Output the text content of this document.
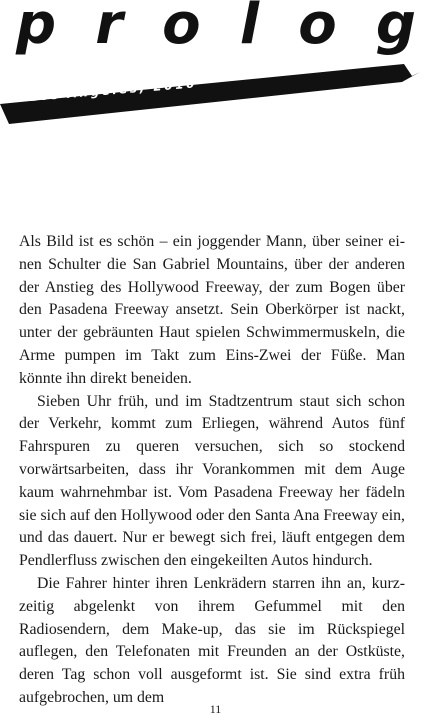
p r o l o g
Los Angeles, 2010

Als Bild ist es schön – ein joggender Mann, über seiner einen Schulter die San Gabriel Mountains, über der anderen der Anstieg des Hollywood Freeway, der zum Bogen über den Pasadena Freeway ansetzt. Sein Oberkörper ist nackt, unter der gebräunten Haut spielen Schwimmermuskeln, die Arme pumpen im Takt zum Eins-Zwei der Füße. Man könnte ihn direkt beneiden.

Sieben Uhr früh, und im Stadtzentrum staut sich schon der Verkehr, kommt zum Erliegen, während Autos fünf Fahrspuren zu queren versuchen, sich so stockend vorwärtsarbeiten, dass ihr Vorankommen mit dem Auge kaum wahrnehmbar ist. Vom Pasadena Freeway her fädeln sie sich auf den Hollywood oder den Santa Ana Freeway ein, und das dauert. Nur er bewegt sich frei, läuft entgegen dem Pendlerfluss zwischen den eingekeilten Autos hindurch.

Die Fahrer hinter ihren Lenkrädern starren ihn an, kurzzeitig abgelenkt von ihrem Gefummel mit den Radiosendern, dem Make-up, das sie im Rückspiegel auflegen, den Telefonaten mit Freunden an der Ostküste, deren Tag schon voll ausgeformt ist. Sie sind extra früh aufgebrochen, um dem

11
